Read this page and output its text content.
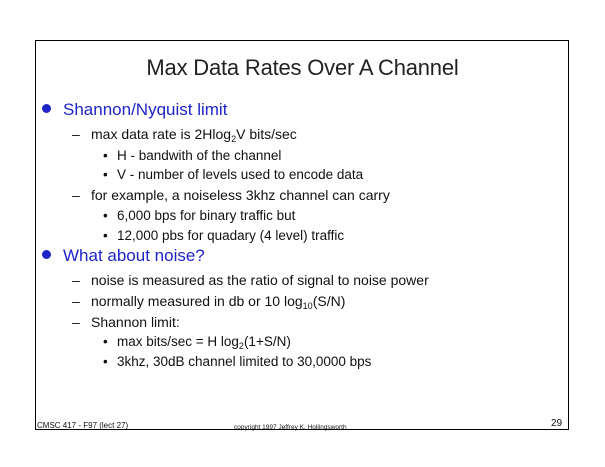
Max Data Rates Over A Channel
Shannon/Nyquist limit
– max data rate is 2Hlog$_2$V bits/sec
• H - bandwith of the channel
• V - number of levels used to encode data
– for example, a noiseless 3khz channel can carry
• 6,000 bps for binary traffic but
• 12,000 pbs for quadary (4 level) traffic
What about noise?
– noise is measured as the ratio of signal to noise power
– normally measured in db or 10 $\log_{10}(S/N)$
– Shannon limit:
• max bits/sec = H $\log_2(1+S/N)$
• 3khz, 30dB channel limited to 30,0000 bps
CMSC 417 - F97 (lect 27)	copyright 1997 Jeffrey K. Hollingsworth	29
